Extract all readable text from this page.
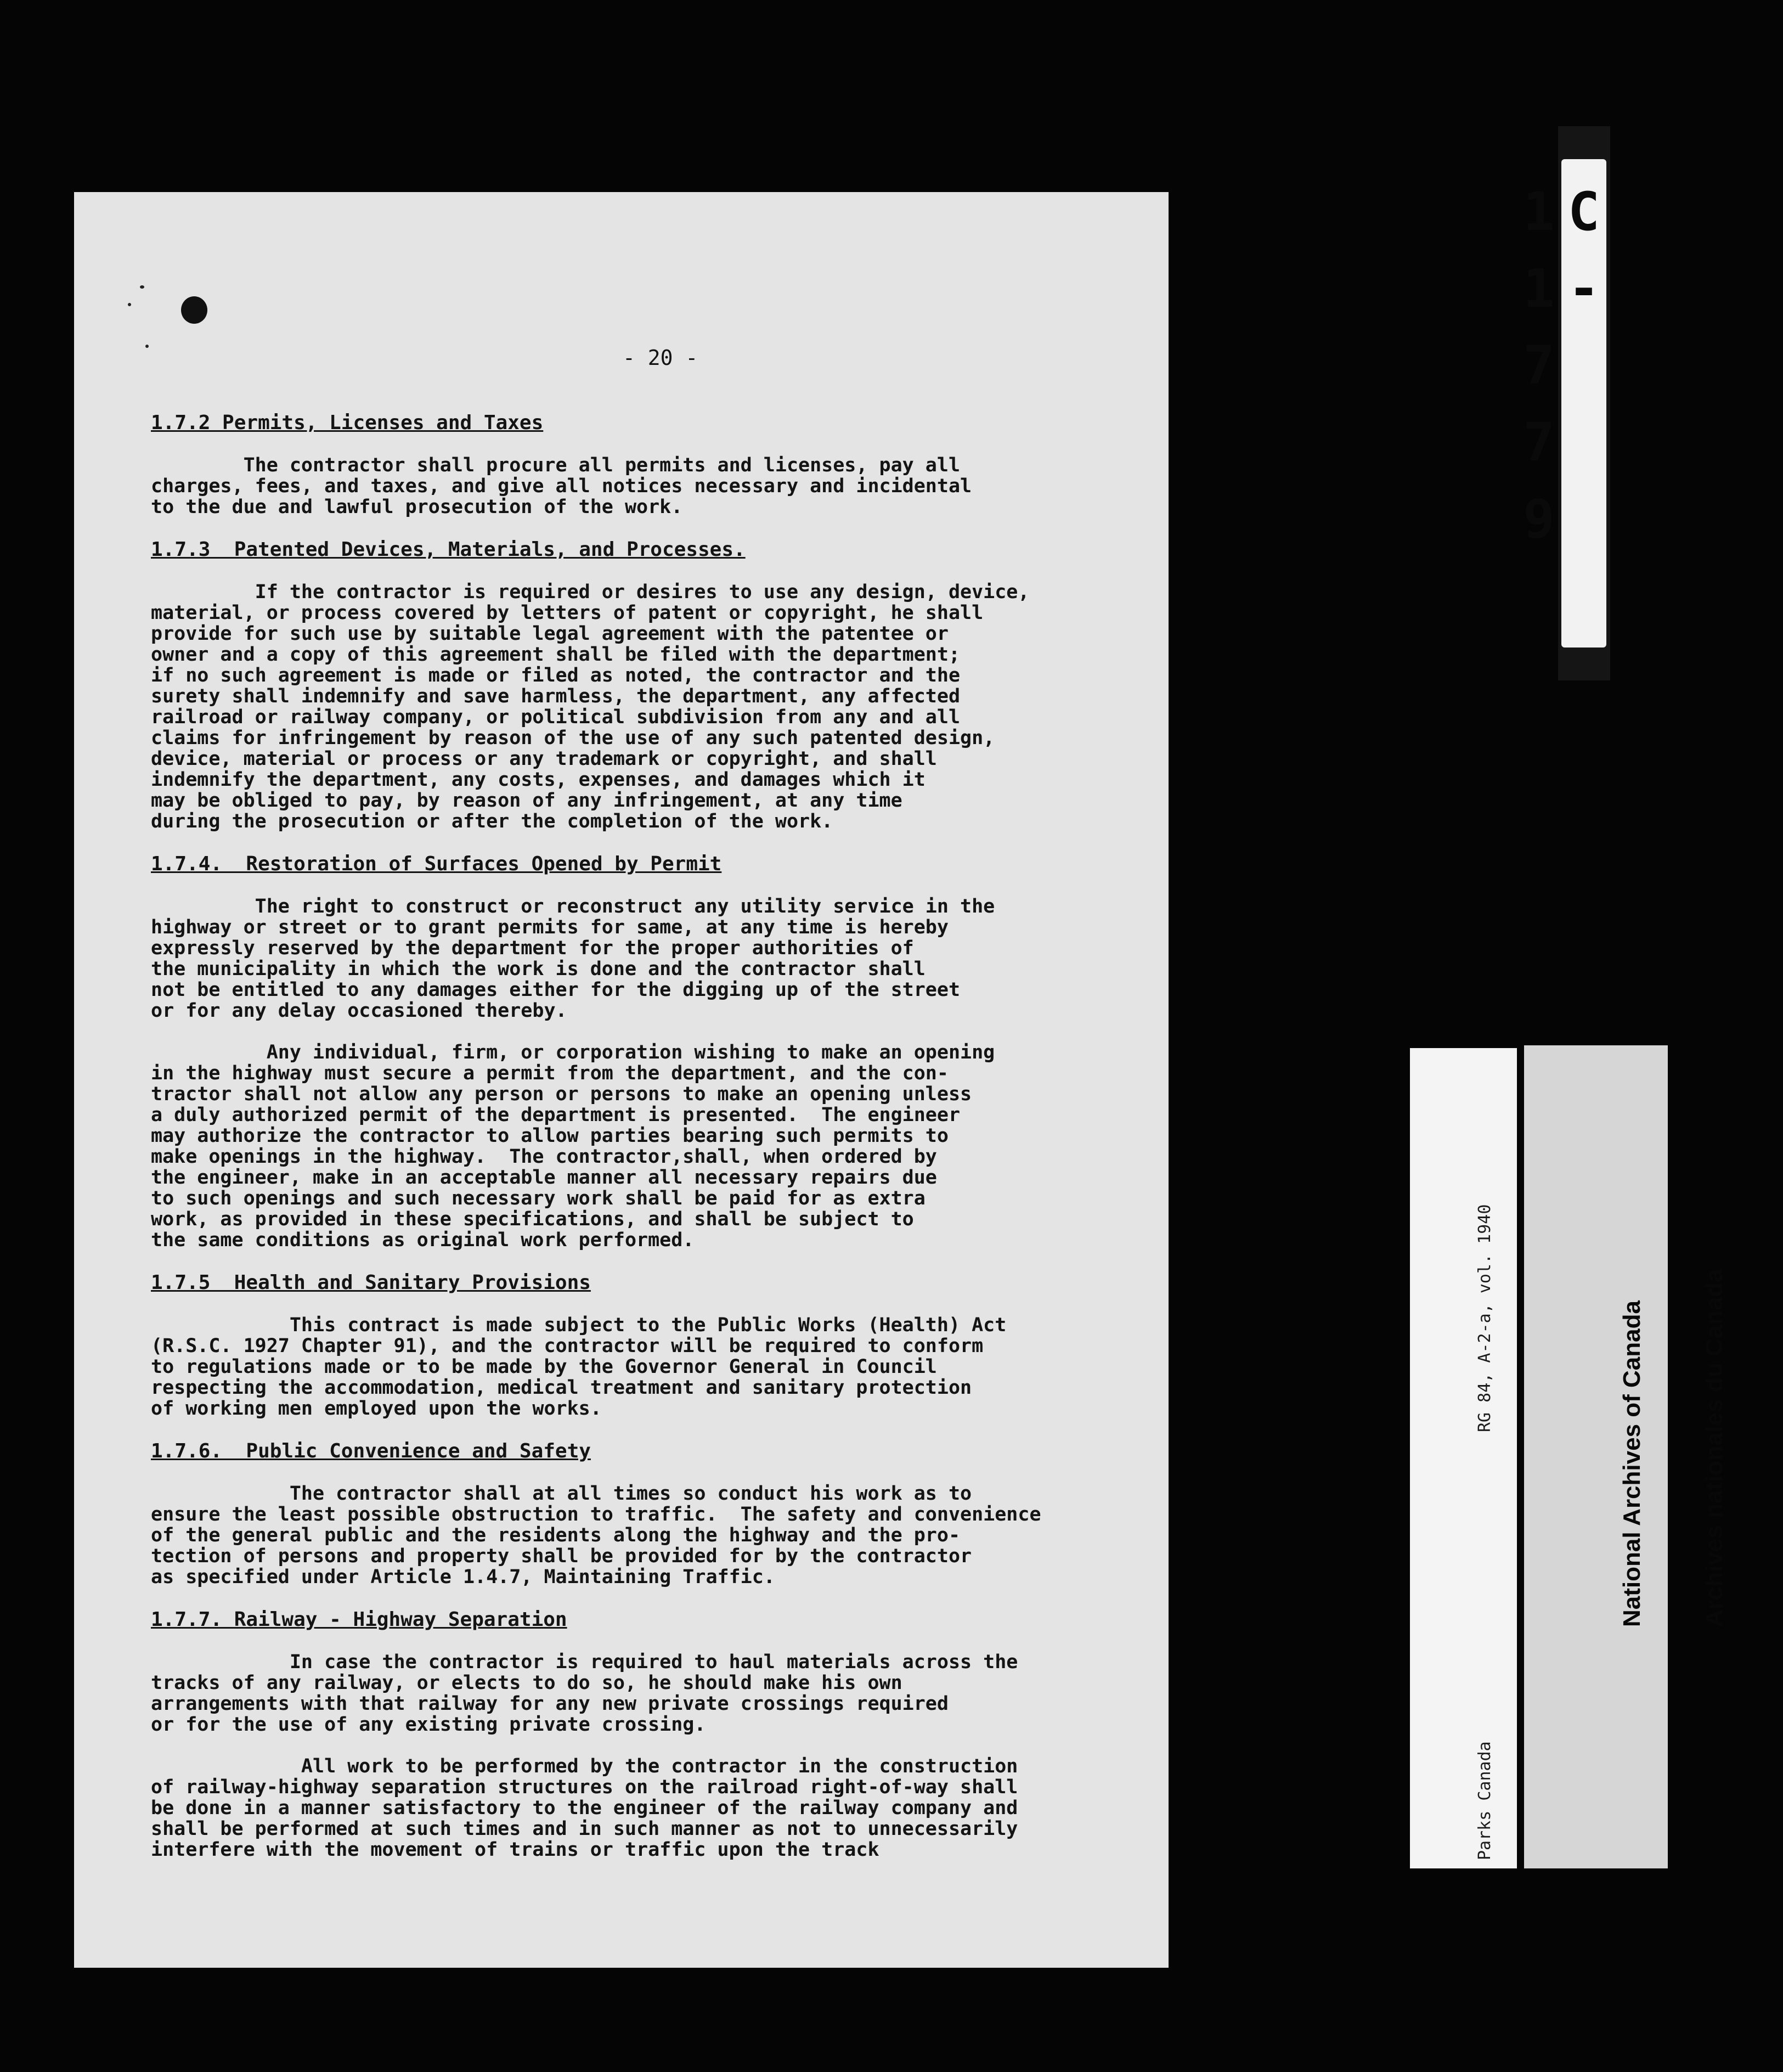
- 20 -
1.7.2 Permits, Licenses and Taxes
The contractor shall procure all permits and licenses, pay all
charges, fees, and taxes, and give all notices necessary and incidental
to the due and lawful prosecution of the work.
1.7.3  Patented Devices, Materials, and Processes.
If the contractor is required or desires to use any design, device,
material, or process covered by letters of patent or copyright, he shall
provide for such use by suitable legal agreement with the patentee or
owner and a copy of this agreement shall be filed with the department;
if no such agreement is made or filed as noted, the contractor and the
surety shall indemnify and save harmless, the department, any affected
railroad or railway company, or political subdivision from any and all
claims for infringement by reason of the use of any such patented design,
device, material or process or any trademark or copyright, and shall
indemnify the department, any costs, expenses, and damages which it
may be obliged to pay, by reason of any infringement, at any time
during the prosecution or after the completion of the work.
1.7.4.  Restoration of Surfaces Opened by Permit
The right to construct or reconstruct any utility service in the
highway or street or to grant permits for same, at any time is hereby
expressly reserved by the department for the proper authorities of
the municipality in which the work is done and the contractor shall
not be entitled to any damages either for the digging up of the street
or for any delay occasioned thereby.
Any individual, firm, or corporation wishing to make an opening
in the highway must secure a permit from the department, and the con-
tractor shall not allow any person or persons to make an opening unless
a duly authorized permit of the department is presented.  The engineer
may authorize the contractor to allow parties bearing such permits to
make openings in the highway.  The contractor,shall, when ordered by
the engineer, make in an acceptable manner all necessary repairs due
to such openings and such necessary work shall be paid for as extra
work, as provided in these specifications, and shall be subject to
the same conditions as original work performed.
1.7.5  Health and Sanitary Provisions
This contract is made subject to the Public Works (Health) Act
(R.S.C. 1927 Chapter 91), and the contractor will be required to conform
to regulations made or to be made by the Governor General in Council
respecting the accommodation, medical treatment and sanitary protection
of working men employed upon the works.
1.7.6.  Public Convenience and Safety
The contractor shall at all times so conduct his work as to
ensure the least possible obstruction to traffic.  The safety and convenience
of the general public and the residents along the highway and the pro-
tection of persons and property shall be provided for by the contractor
as specified under Article 1.4.7, Maintaining Traffic.
1.7.7. Railway - Highway Separation
In case the contractor is required to haul materials across the
tracks of any railway, or elects to do so, he should make his own
arrangements with that railway for any new private crossings required
or for the use of any existing private crossing.
All work to be performed by the contractor in the construction
of railway-highway separation structures on the railroad right-of-way shall
be done in a manner satisfactory to the engineer of the railway company and
shall be performed at such times and in such manner as not to unnecessarily
interfere with the movement of trains or traffic upon the track
C-11779

RG 84, A-2-a, vol. 1940

Parks Canada

National Archives of Canada

Archives nationales du Canada
